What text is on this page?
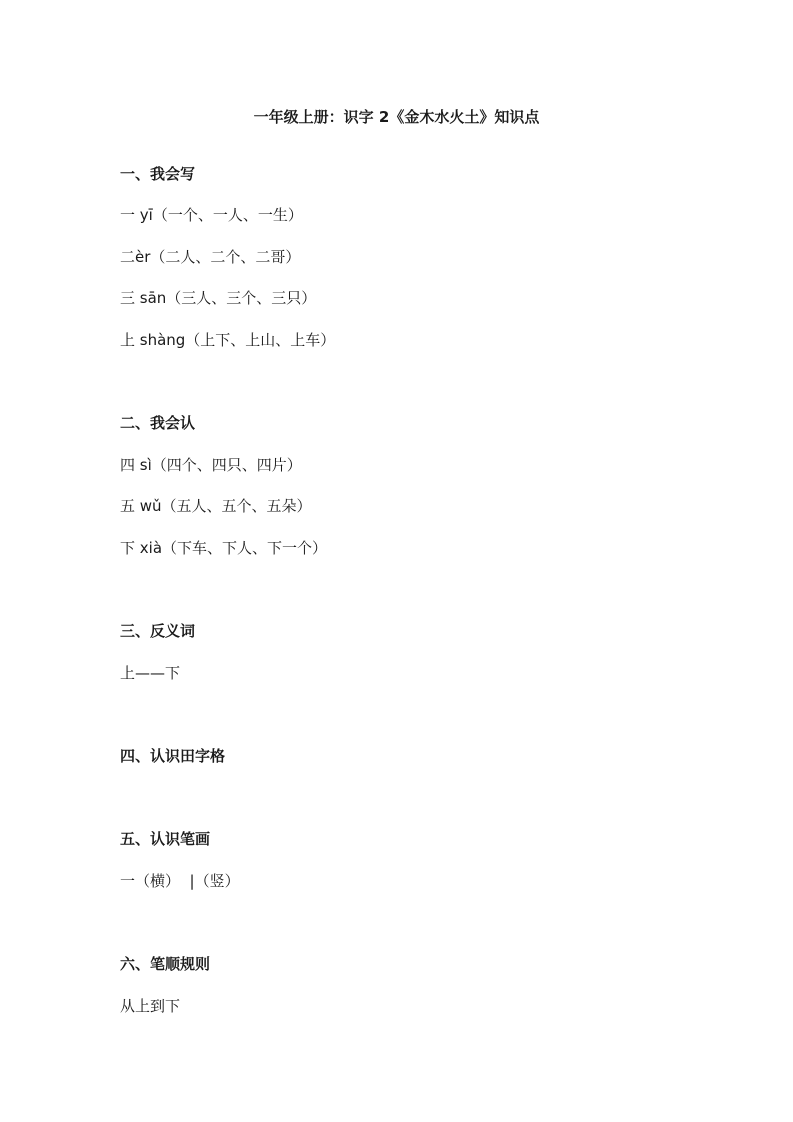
一年级上册：识字 2《金木水火土》知识点
一、我会写
一 yī（一个、一人、一生）
二èr（二人、二个、二哥）
三 sān（三人、三个、三只）
上 shàng（上下、上山、上车）
二、我会认
四 sì（四个、四只、四片）
五 wǔ（五人、五个、五朵）
下 xià（下车、下人、下一个）
三、反义词
上——下
四、认识田字格
五、认识笔画
一（横）  |（竖）
六、笔顺规则
从上到下
